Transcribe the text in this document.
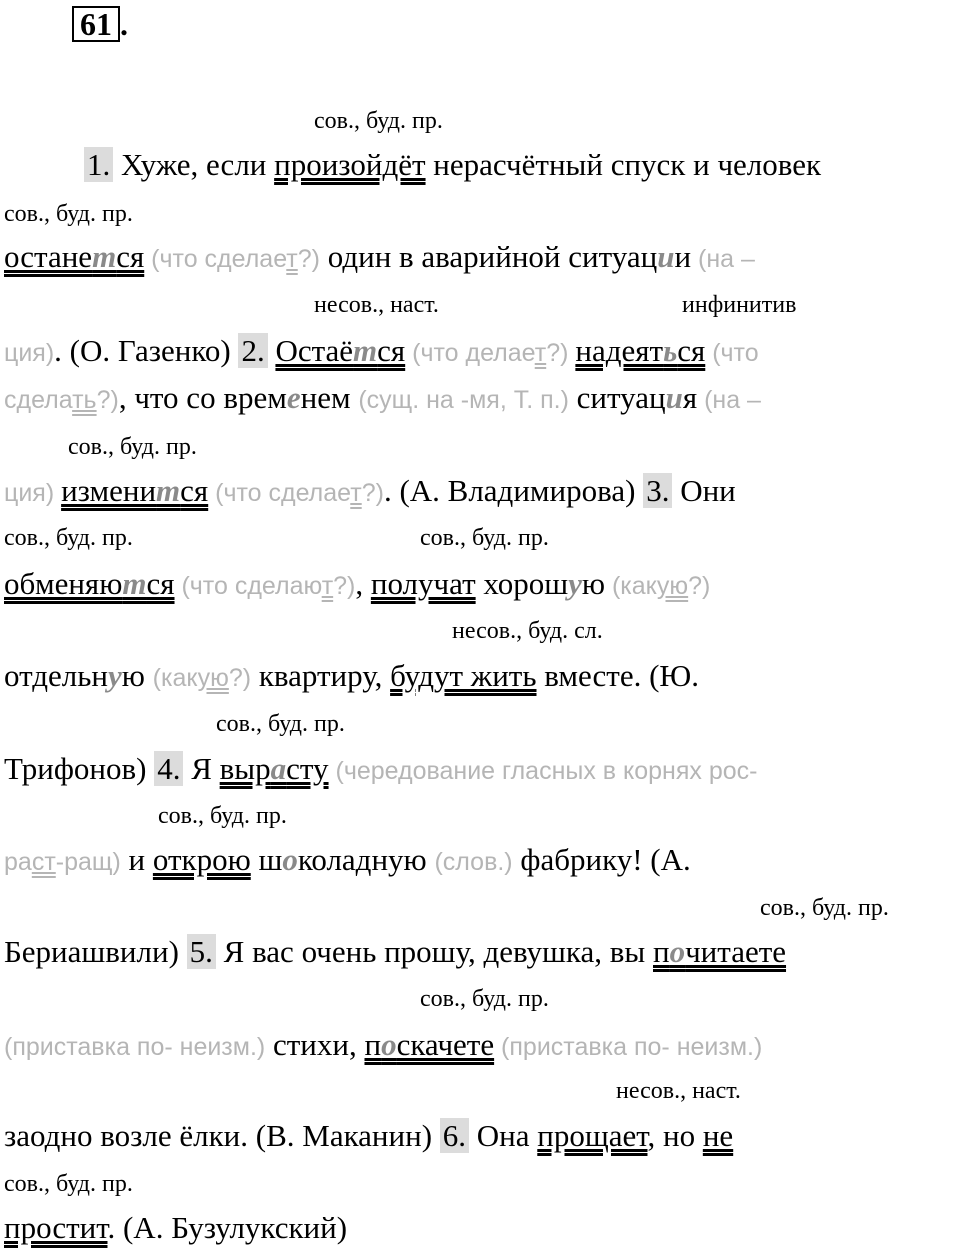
61 .
сов., буд. пр.
сов., буд. пр.
несов., наст.	инфинитив
сов., буд. пр.
сов., буд. пр.	сов., буд. пр.
несов., буд. сл.
сов., буд. пр.
сов., буд. пр.
сов., буд. пр.
сов., буд. пр.
несов., наст.
сов., буд. пр.
1. Хуже, если произойдёт нерасчётный спуск и человек
останется (что сделает?) один в аварийной ситуации (на –
ция). (О. Газенко) 2. Остаётся (что делает?) надеяться (что
сделать?), что со временем (сущ. на -мя, Т. п.) ситуация (на –
ция) изменится (что сделает?). (А. Владимирова) 3. Они
обменяются (что сделают?), получат хорошую (какую?)
отдельную (какую?) квартиру, будут жить вместе. (Ю.
Трифонов) 4. Я вырасту (чередование гласных в корнях рос-
раст-ращ) и открою шоколадную (слов.) фабрику! (А.
Бериашвили) 5. Я вас очень прошу, девушка, вы почитаете
(приставка по- неизм.) стихи, поскачете (приставка по- неизм.)
заодно возле ёлки. (В. Маканин) 6. Она прощает, но не
простит. (А. Бузулукский)
